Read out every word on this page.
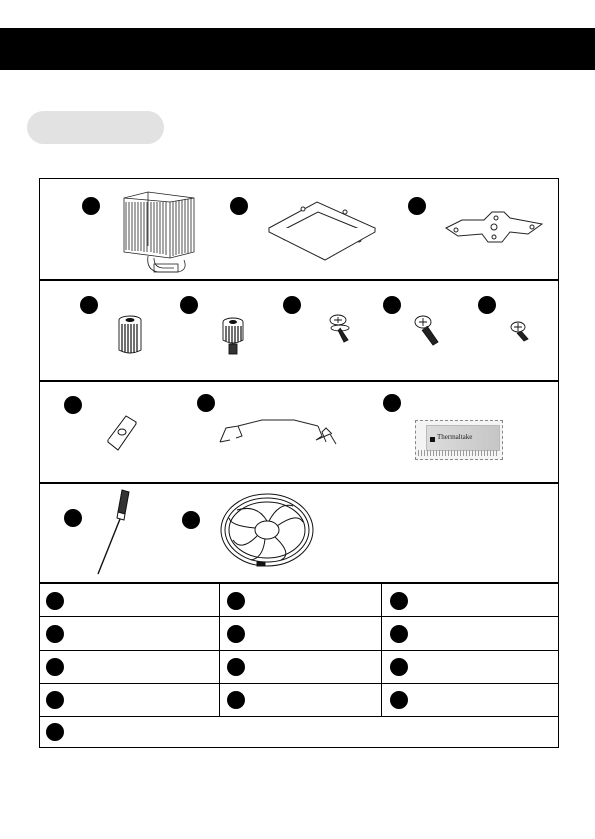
Thermaltake
